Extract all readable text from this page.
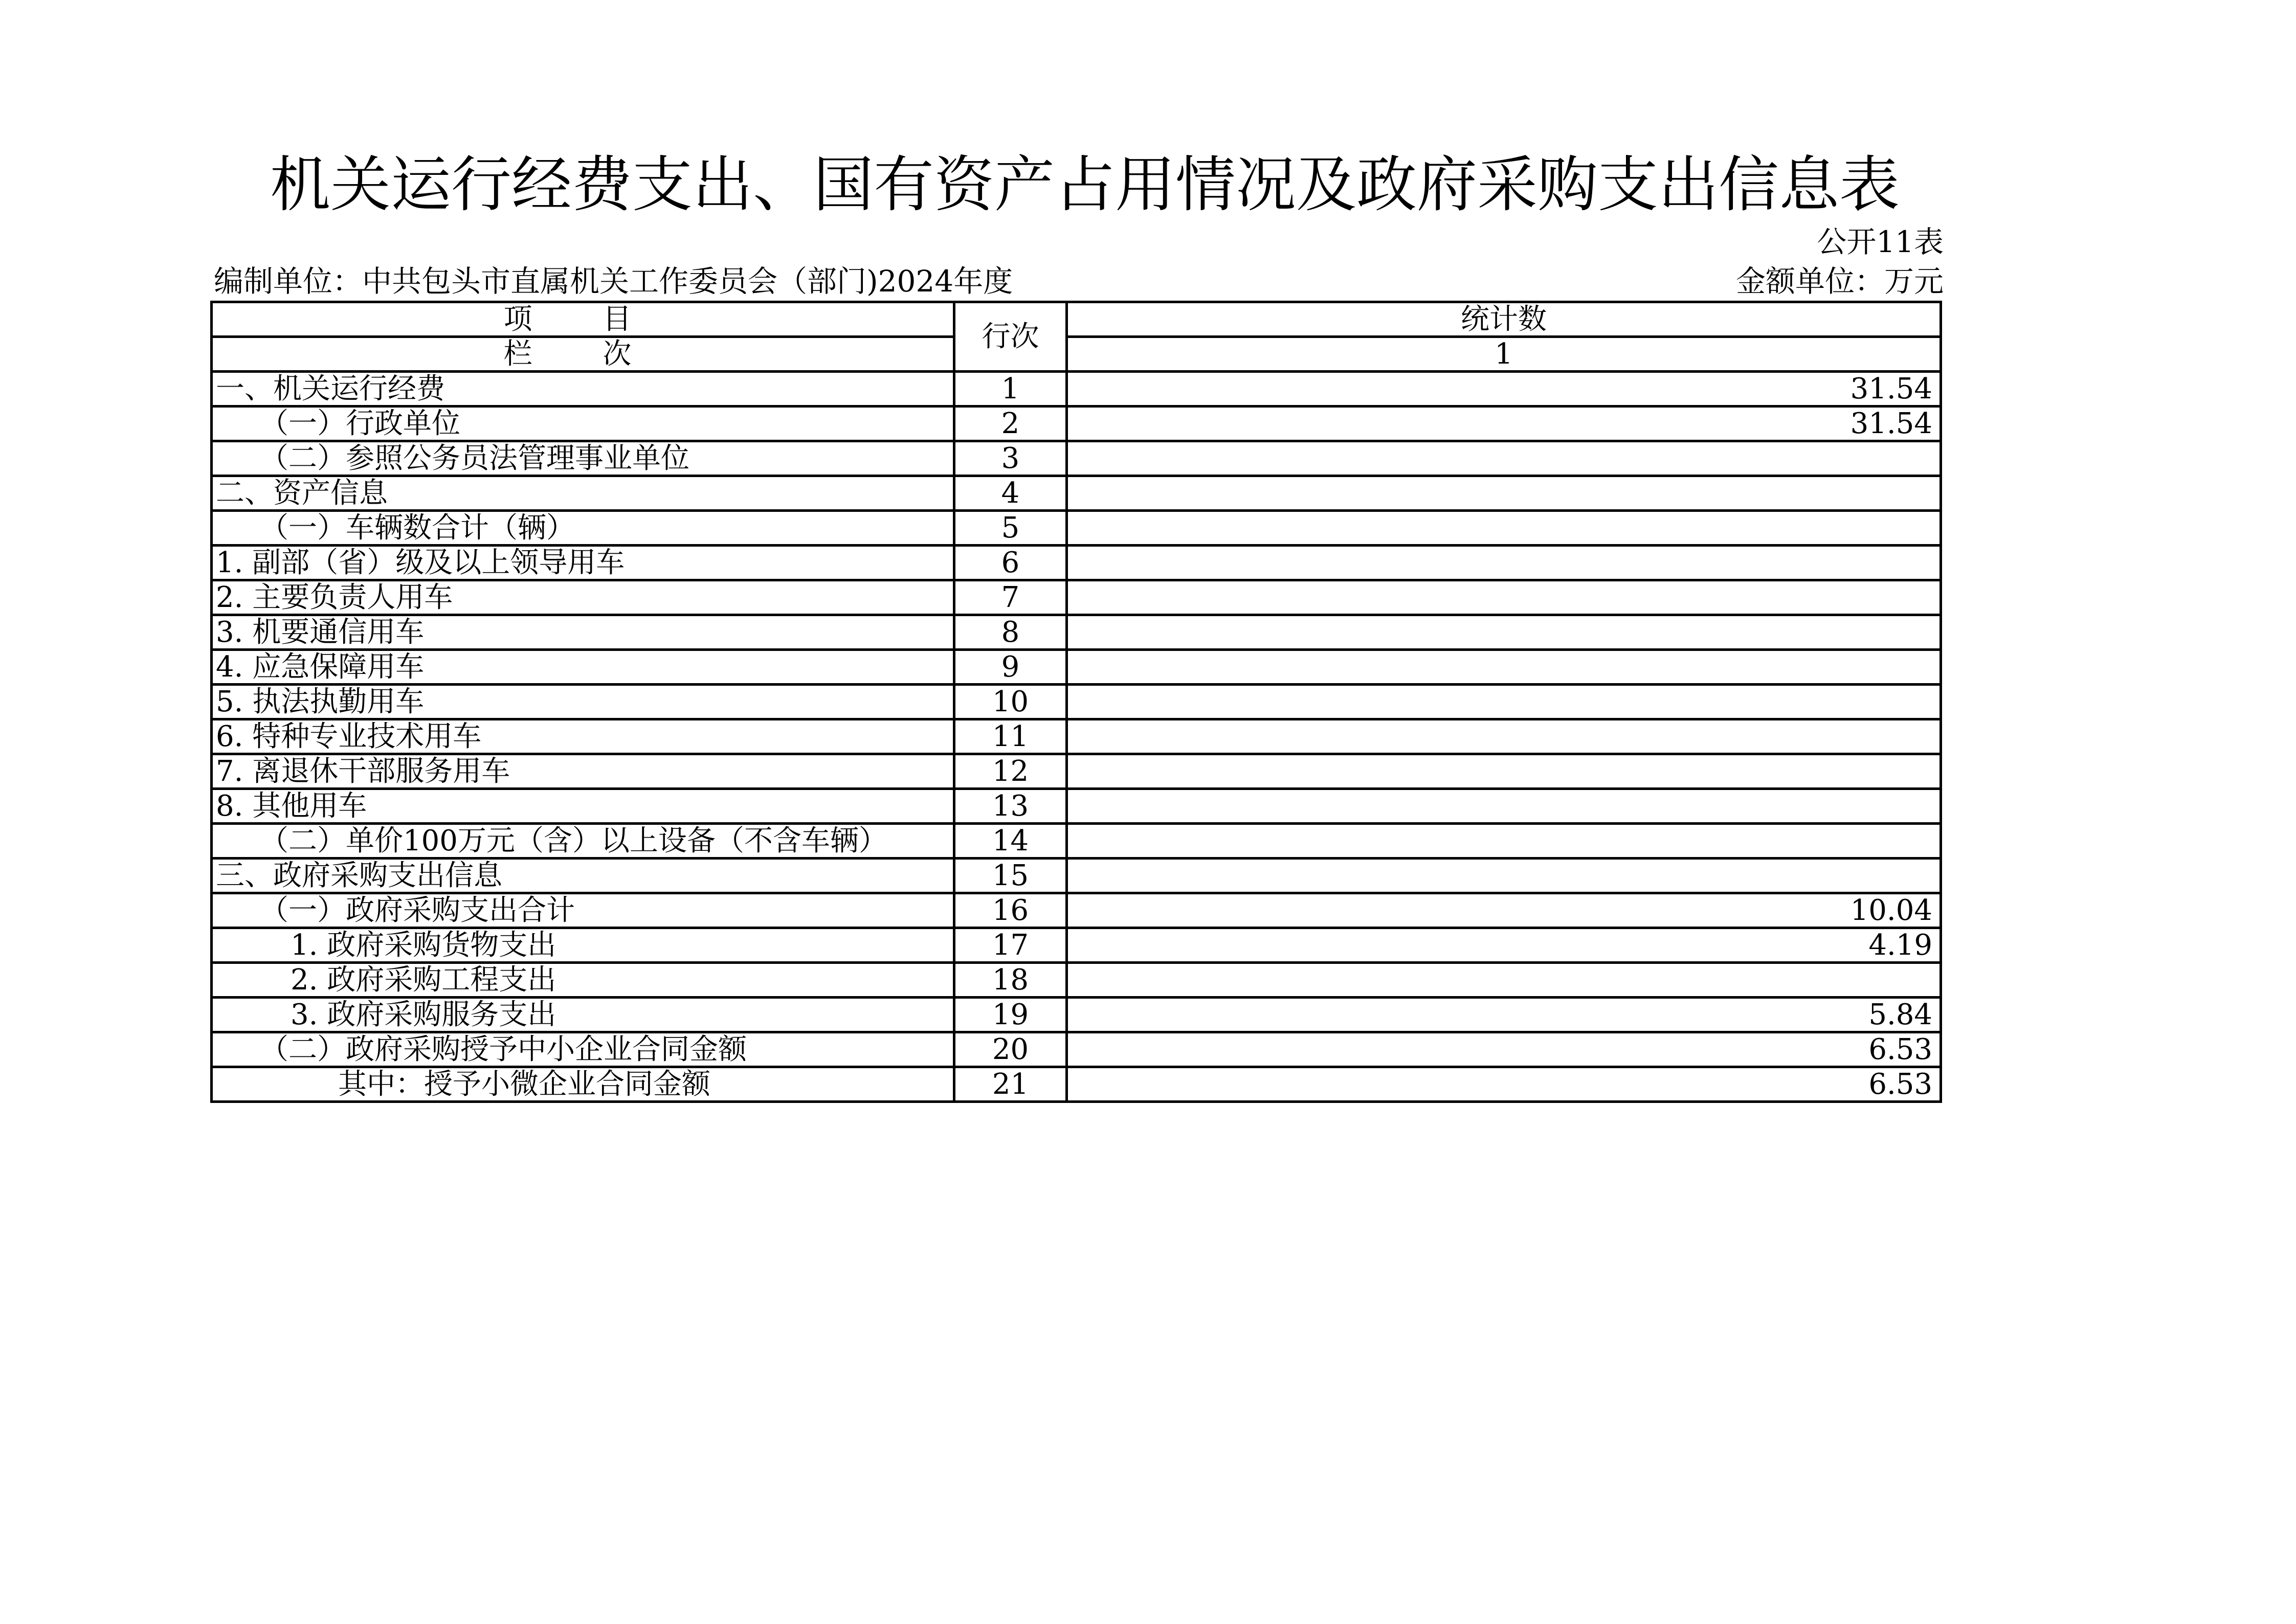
机关运行经费支出、国有资产占用情况及政府采购支出信息表
公开11表
编制单位：中共包头市直属机关工作委员会（部门)2024年度	金额单位：万元
项 目	行次	统计数
栏 次		1
一、机关运行经费	1	31.54
（一）行政单位	2	31.54
（二）参照公务员法管理事业单位	3	
二、资产信息	4	
（一）车辆数合计（辆）	5	
1. 副部（省）级及以上领导用车	6	
2. 主要负责人用车	7	
3. 机要通信用车	8	
4. 应急保障用车	9	
5. 执法执勤用车	10	
6. 特种专业技术用车	11	
7. 离退休干部服务用车	12	
8. 其他用车	13	
（二）单价100万元（含）以上设备（不含车辆）	14	
三、政府采购支出信息	15	
（一）政府采购支出合计	16	10.04
1. 政府采购货物支出	17	4.19
2. 政府采购工程支出	18	
3. 政府采购服务支出	19	5.84
（二）政府采购授予中小企业合同金额	20	6.53
其中：授予小微企业合同金额	21	6.53
